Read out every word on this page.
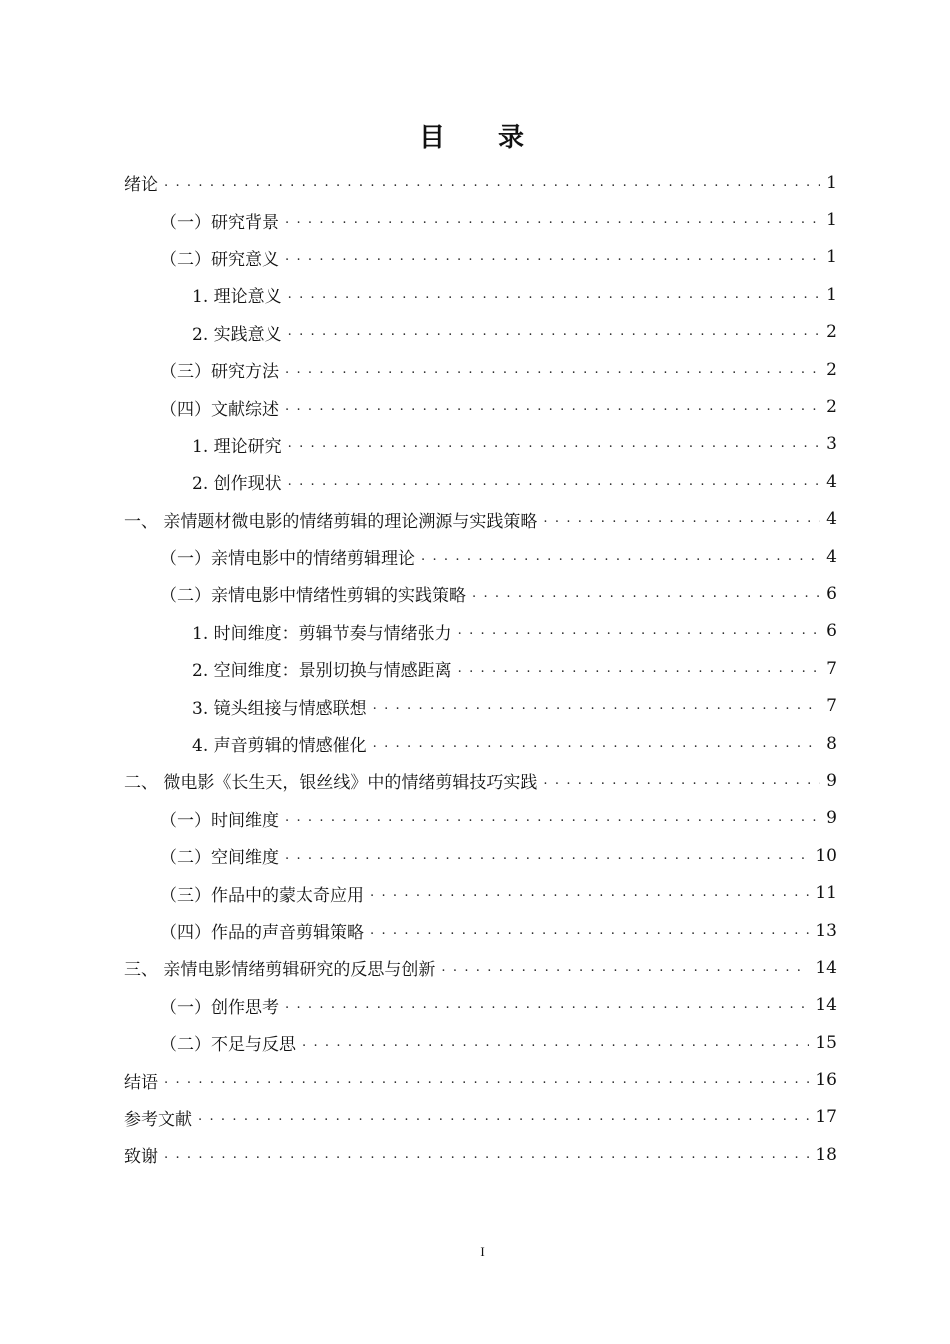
目 录
绪论 . . .	1
（一）研究背景 . . .	1
（二）研究意义 . . .	1
1. 理论意义 . . .	1
2. 实践意义 . . .	2
（三）研究方法 . . .	2
（四）文献综述 . . .	2
1. 理论研究 . . .	3
2. 创作现状 . . .	4
一、 亲情题材微电影的情绪剪辑的理论溯源与实践策略 . . .	4
（一）亲情电影中的情绪剪辑理论 . . .	4
（二）亲情电影中情绪性剪辑的实践策略 . . .	6
1. 时间维度：剪辑节奏与情绪张力 . . .	6
2. 空间维度：景别切换与情感距离 . . .	7
3. 镜头组接与情感联想 . . .	7
4. 声音剪辑的情感催化 . . .	8
二、 微电影《长生天，银丝线》中的情绪剪辑技巧实践 . . .	9
（一）时间维度 . . .	9
（二）空间维度 . . .	10
（三）作品中的蒙太奇应用 . . .	11
（四）作品的声音剪辑策略 . . .	13
三、 亲情电影情绪剪辑研究的反思与创新 . . .	14
（一）创作思考 . . .	14
（二）不足与反思 . . .	15
结语 . . .	16
参考文献 . . .	17
致谢 . . .	18
I
